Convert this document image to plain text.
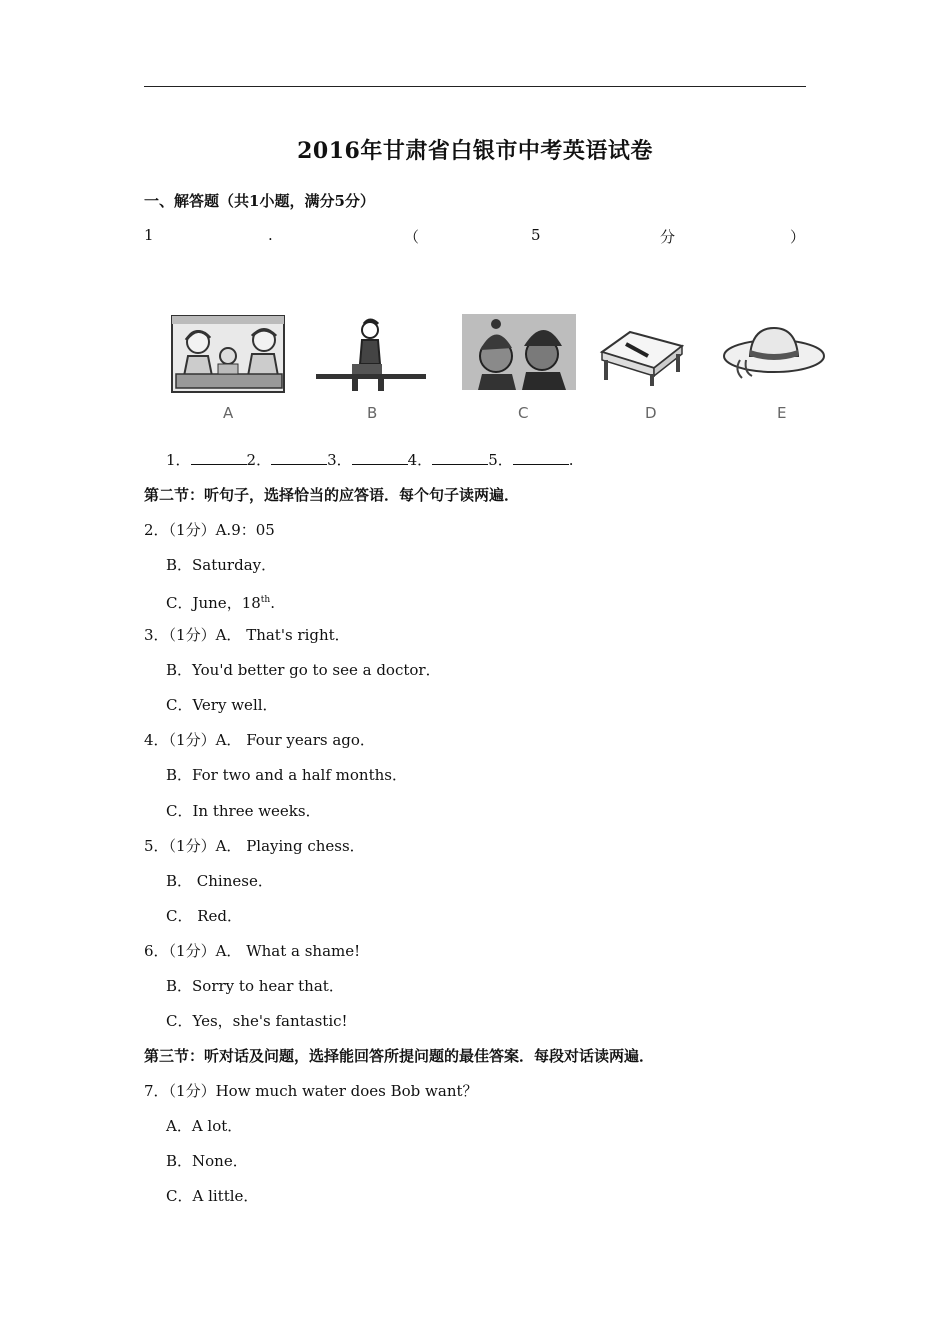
2016年甘肃省白银市中考英语试卷
一、解答题（共1小题，满分5分）
1	.	（	5	分	）
A	B	C	D	E
1．	2．	3．	4．	5．	.
第二节：听句子，选择恰当的应答语．每个句子读两遍．
2．（1分）A.9：05
B．Saturday．
C．June，18th.
3．（1分）A． That's right．
B．You'd better go to see a doctor．
C．Very well．
4．（1分）A． Four years ago．
B．For two and a half months．
C．In three weeks．
5．（1分）A． Playing chess．
B． Chinese．
C． Red．
6．（1分）A． What a shame!
B．Sorry to hear that．
C．Yes，she's fantastic!
第三节：听对话及问题，选择能回答所提问题的最佳答案．每段对话读两遍．
7．（1分）How much water does Bob want？
A．A lot．
B．None．
C．A little．
